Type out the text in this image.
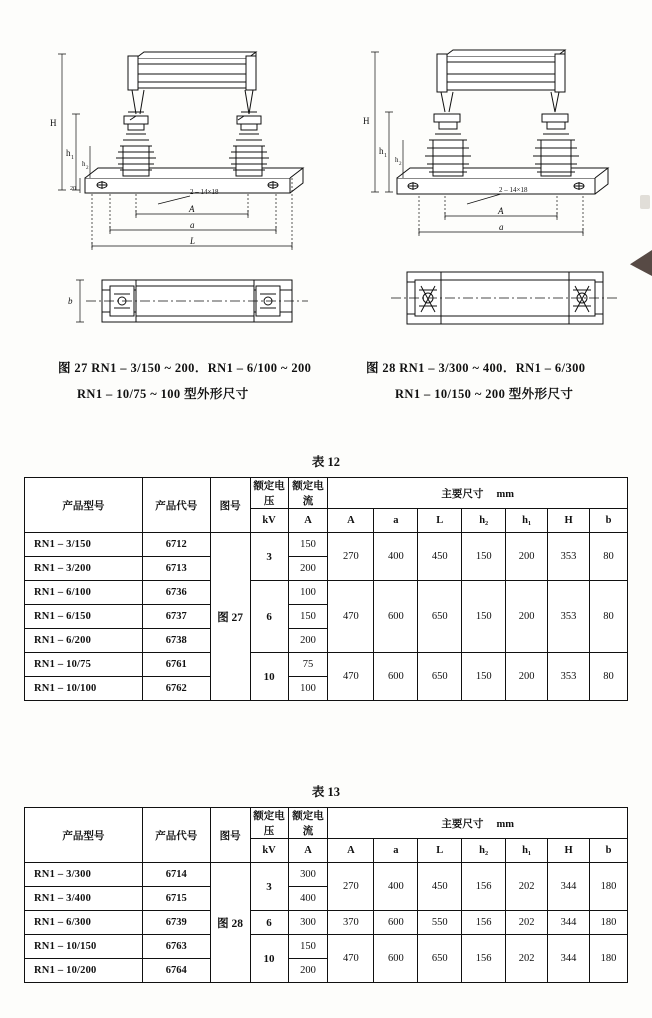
H
h 1
h
2
20
A
a
L
2 – 14×18
b
H
h 1 h
2
A
a
2 – 14×18
图 27 RN1 – 3/150 ~ 200．RN1 – 6/100 ~ 200
RN1 – 10/75 ~ 100 型外形尺寸
图 28 RN1 – 3/300 ~ 400．RN1 – 6/300
RN1 – 10/150 ~ 200 型外形尺寸
表 12
产品型号	产品代号	图号	额定电压	额定电流	主要尺寸 mm						
			kV	A	A	a	L	h₂	h₁	H	b
RN1 – 3/150	6712	图 27	3	150	270	400	450	150	200	353	80
RN1 – 3/200	6713			200							
RN1 – 6/100	6736		6	100	470	600	650	150	200	353	80
RN1 – 6/150	6737			150							
RN1 – 6/200	6738			200							
RN1 – 10/75	6761		10	75	470	600	650	150	200	353	80
RN1 – 10/100	6762			100							
表 13
产品型号	产品代号	图号	额定电压	额定电流	主要尺寸 mm						
			kV	A	A	a	L	h₂	h₁	H	b
RN1 – 3/300	6714	图 28	3	300	270	400	450	156	202	344	180
RN1 – 3/400	6715			400							
RN1 – 6/300	6739		6	300	370	600	550	156	202	344	180
RN1 – 10/150	6763		10	150	470	600	650	156	202	344	180
RN1 – 10/200	6764			200							
